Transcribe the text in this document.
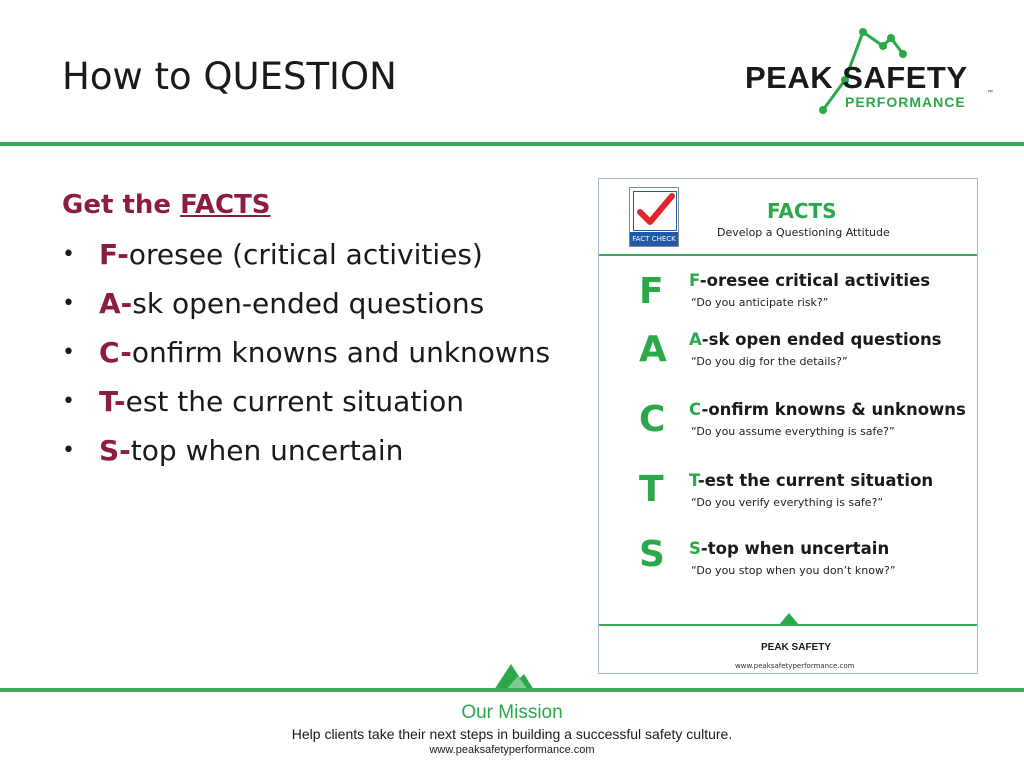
How to QUESTION	PEAK SAFETY
PERFORMANCE
™
Get the FACTS
• F-oresee (critical activities)
• A-sk open-ended questions
• C-onfirm knowns and unknowns
• T-est the current situation
• S-top when uncertain
FACT CHECK
FACTS
Develop a Questioning Attitude
F F-oresee critical activities
“Do you anticipate risk?”
A A-sk open ended questions
“Do you dig for the details?”
C C-onfirm knowns & unknowns
“Do you assume everything is safe?”
T T-est the current situation
“Do you verify everything is safe?”
S S-top when uncertain
“Do you stop when you don’t know?”
PEAK SAFETY
www.peaksafetyperformance.com
Our Mission
Help clients take their next steps in building a successful safety culture.
www.peaksafetyperformance.com
